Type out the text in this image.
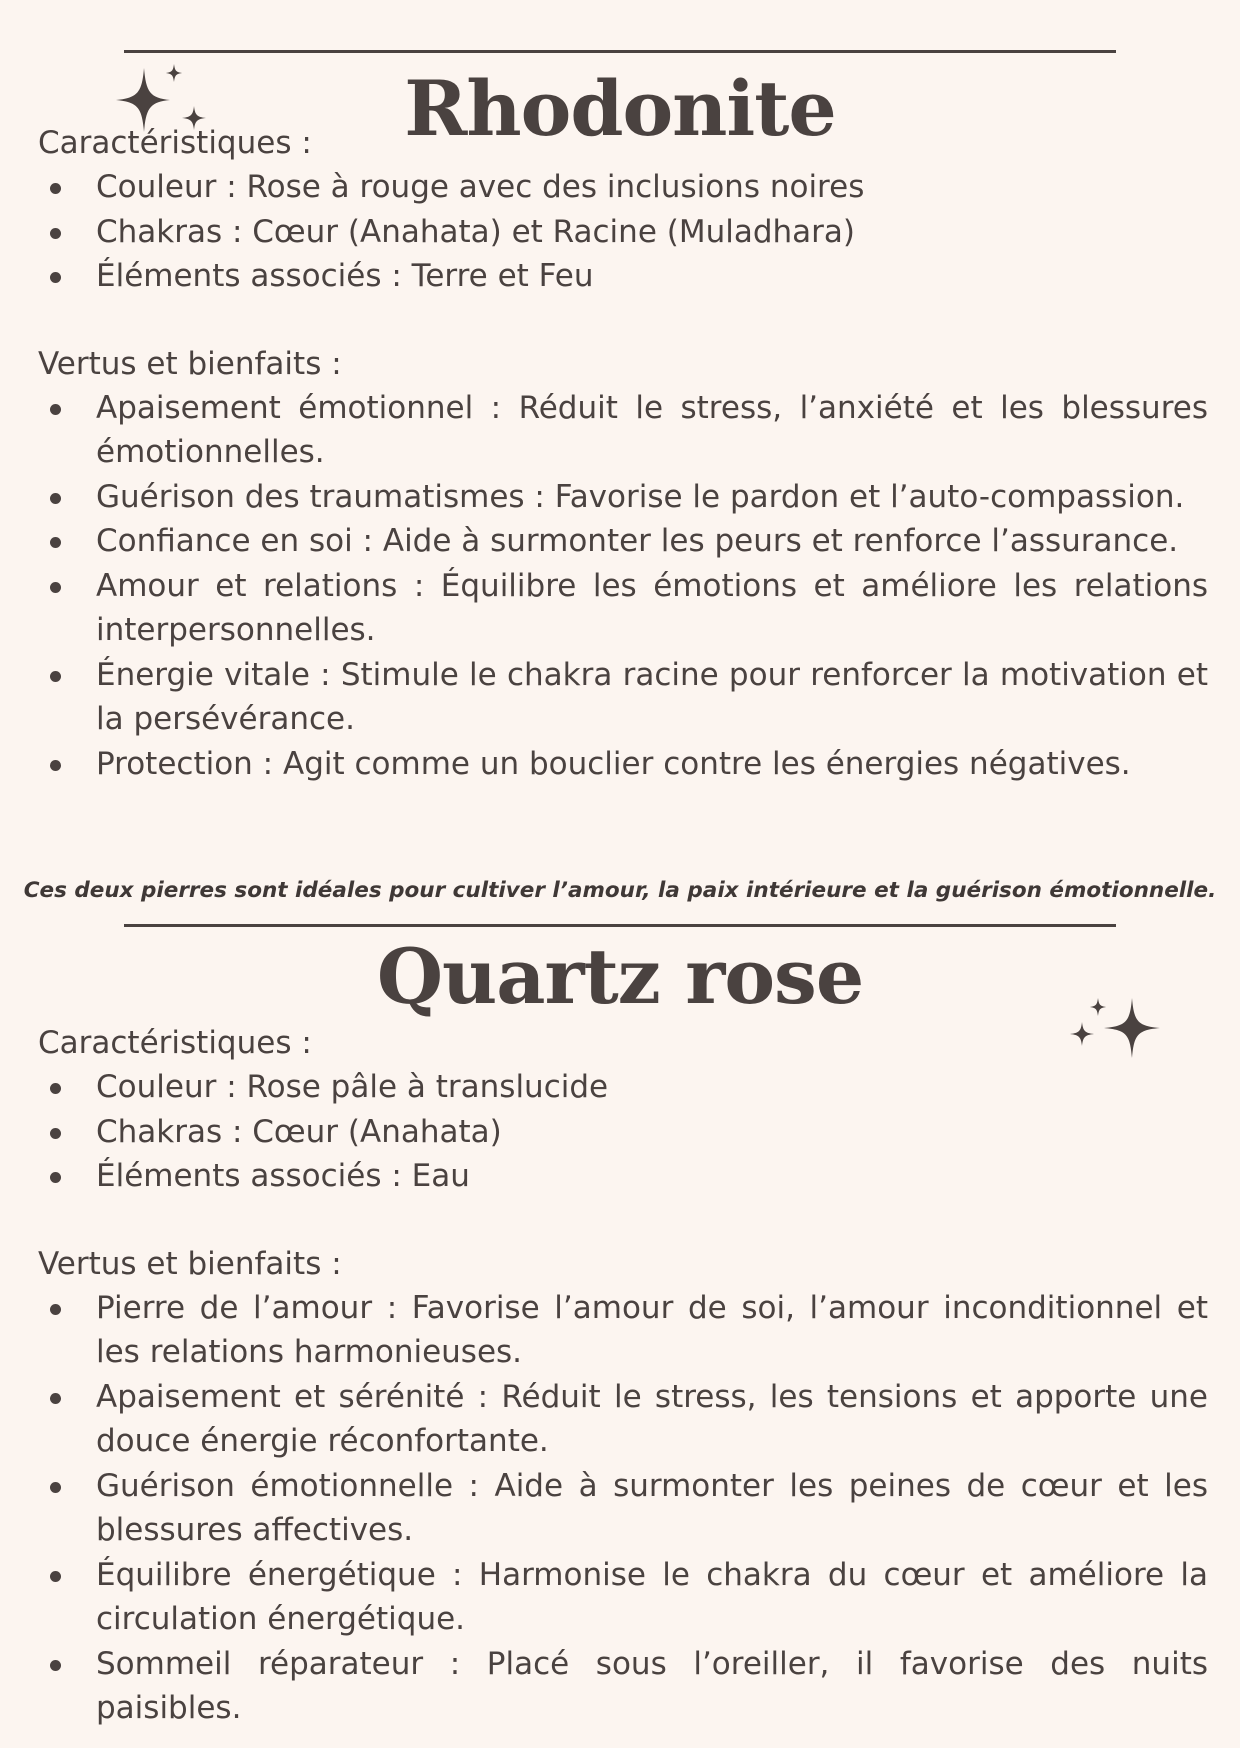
Rhodonite

Caractéristiques :

Couleur : Rose à rouge avec des inclusions noires
Chakras : Cœur (Anahata) et Racine (Muladhara)
Éléments associés : Terre et Feu

Vertus et bienfaits :

Apaisement émotionnel : Réduit le stress, l’anxiété et les blessures émotionnelles.
Guérison des traumatismes : Favorise le pardon et l’auto-compassion.
Confiance en soi : Aide à surmonter les peurs et renforce l’assurance.
Amour et relations : Équilibre les émotions et améliore les relations interpersonnelles.
Énergie vitale : Stimule le chakra racine pour renforcer la motivation et la persévérance.
Protection : Agit comme un bouclier contre les énergies négatives.
Ces deux pierres sont idéales pour cultiver l’amour, la paix intérieure et la guérison émotionnelle.
Quartz rose

Caractéristiques :

Couleur : Rose pâle à translucide
Chakras : Cœur (Anahata)
Éléments associés : Eau

Vertus et bienfaits :

Pierre de l’amour : Favorise l’amour de soi, l’amour inconditionnel et les relations harmonieuses.
Apaisement et sérénité : Réduit le stress, les tensions et apporte une douce énergie réconfortante.
Guérison émotionnelle : Aide à surmonter les peines de cœur et les blessures affectives.
Équilibre énergétique : Harmonise le chakra du cœur et améliore la circulation énergétique.
Sommeil réparateur : Placé sous l’oreiller, il favorise des nuits paisibles.
